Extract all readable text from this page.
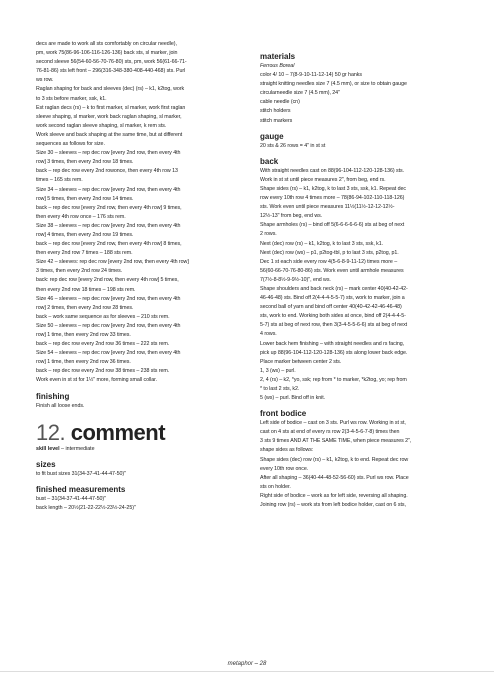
decs are made to work all sts comfortably on circular needle),

pm, work 75(86-96-106-116-126-136) back sts, sl marker, join

second sleeve 56(54-60-56-70-76-80) sts, pm, work 56(61-66-71-

76-81-86) sts left front – 296(316-348-380-408-440-468) sts. Purl

ws row.

Raglan shaping for back and sleeves (dec) (rs) – k1, k2tog, work

to 3 sts before marker, ssk, k1.

Est raglan decs (rs) – k to first marker, sl marker, work first raglan

sleeve shaping, sl marker, work back raglan shaping, sl marker,

work second raglan sleeve shaping, sl marker, k rem sts.

Work sleeve and back shaping at the same time, but at different

sequences as follows for size.

Size 30 – sleeves – rep dec row [every 2nd row, then every 4th

row] 3 times, then every 2nd row 18 times.

back – rep dec row every 2nd rowonce, then every 4th row 13

times – 165 sts rem.

Size 34 – sleeves – rep dec row [every 2nd row, then every 4th

row] 5 times, then every 2nd row 14 times.

back – rep dec row [every 2nd row, then every 4th row] 9 times,

then every 4th row once – 176 sts rem.

Size 38 – sleeves – rep dec row [every 2nd row, then every 4th

row] 4 times, then every 2nd row 19 times.

back – rep dec row [every 2nd row, then every 4th row] 8 times,

then every 2nd row 7 times – 188 sts rem.

Size 42 – sleeves: rep dec row [every 2nd row, then every 4th row]

3 times, then every 2nd row 24 times.

back: rep dec row [every 2nd row, then every 4th row] 5 times,

then every 2nd row 18 times – 198 sts rem.

Size 46 – sleeves – rep dec row [every 2nd row, then every 4th

row] 2 times, then every 2nd row 28 times.

back – work same sequence as for sleeves – 210 sts rem.

Size 50 – sleeves – rep dec row [every 2nd row, then every 4th

row] 1 time, then every 2nd row 33 times.

back – rep dec row every 2nd row 36 times – 222 sts rem.

Size 54 – sleeves – rep dec row [every 2nd row, then every 4th

row] 1 time, then every 2nd row 36 times.

back – rep dec row every 2nd row 38 times – 238 sts rem.

Work even in st st for 1½" more, forming small collar.

finishing

Finish all loose ends.

12. comment

skill level – intermediate

sizes

to fit bust sizes 31(34-37-41-44-47-50)"

finished measurements

bust – 31(34-37-41-44-47-50)"

back length – 20½(21-22-22½-23½-24-25)"

materials

Ferrous Boreal

color 4/ 10 – 7(8-9-10-11-12-14) 50 gr hanks

straight knitting needles size 7 (4.5 mm), or size to obtain gauge

circularneedle size 7 (4.5 mm), 24"

cable needle (cn)

stitch holders

stitch markers

gauge

20 sts & 26 rows = 4" in st st

back

With straight needles cast on 88(96-104-112-120-128-136) sts.

Work in st st until piece measures 2", from beg, end rs.

Shape sides (rs) – k1, k2tog, k to last 3 sts, ssk, k1. Repeat dec

row every 10th row 4 times more – 78(86-94-102-110-118-126)

sts. Work even until piece measures 11½(11½-12-12-12½-

12½-13" from beg, end ws.

Shape armholes (rs) – bind off 5(6-6-6-6-6-6) sts at beg of next

2 rows.

Next (dec) row (rs) – k1, k2tog, k to last 3 sts, ssk, k1.

Next (dec) row (ws) – p1, p2tog-tbl, p to last 3 sts, p2tog, p1.

Dec 1 st each side every row 4(5-6-8-9-11-12) times more –

56(60-66-70-76-80-86) sts. Work even until armhole measures

7(7½-8-8½-9-9½-10)", end ws.

Shape shoulders and back neck (rs) – mark center 40(40-42-42-

46-46-48) sts. Bind off 2(4-4-4-5-5-7) sts, work to marker, join a

second ball of yarn and bind off center 40(40-42-42-46-46-48)

sts, work to end. Working both sides at once, bind off 2(4-4-4-5-

5-7) sts at beg of next row, then 3(3-4-5-5-6-6) sts at beg of next

4 rows.

Lower back hem finishing – with straight needles and rs facing,

pick up 88(96-104-112-120-128-136) sts along lower back edge.

Place marker between center 2 sts.

1, 3 (ws) – purl.

2, 4 (rs) – k2, *yo, ssk; rep from * to marker, *k2tog, yo; rep from

* to last 2 sts, k2.

5 (ws) – purl. Bind off in knit.

front bodice

Left side of bodice – cast on 3 sts. Purl ws row. Working in st st,

cast on 4 sts at end of every rs row 2(3-4-5-6-7-8) times then

3 sts 9 times AND AT THE SAME TIME, when piece measures 2",

shape sides as follows:

Shape sides (dec) row (rs) – k1, k2tog, k to end. Repeat dec row

every 10th row once.

After all shaping – 36(40-44-48-52-56-60) sts. Purl ws row. Place

sts on holder.

Right side of bodice – work as for left side, reversing all shaping.

Joining row (rs) – work sts from left bodice holder, cast on 6 sts,

metaphor – 28
